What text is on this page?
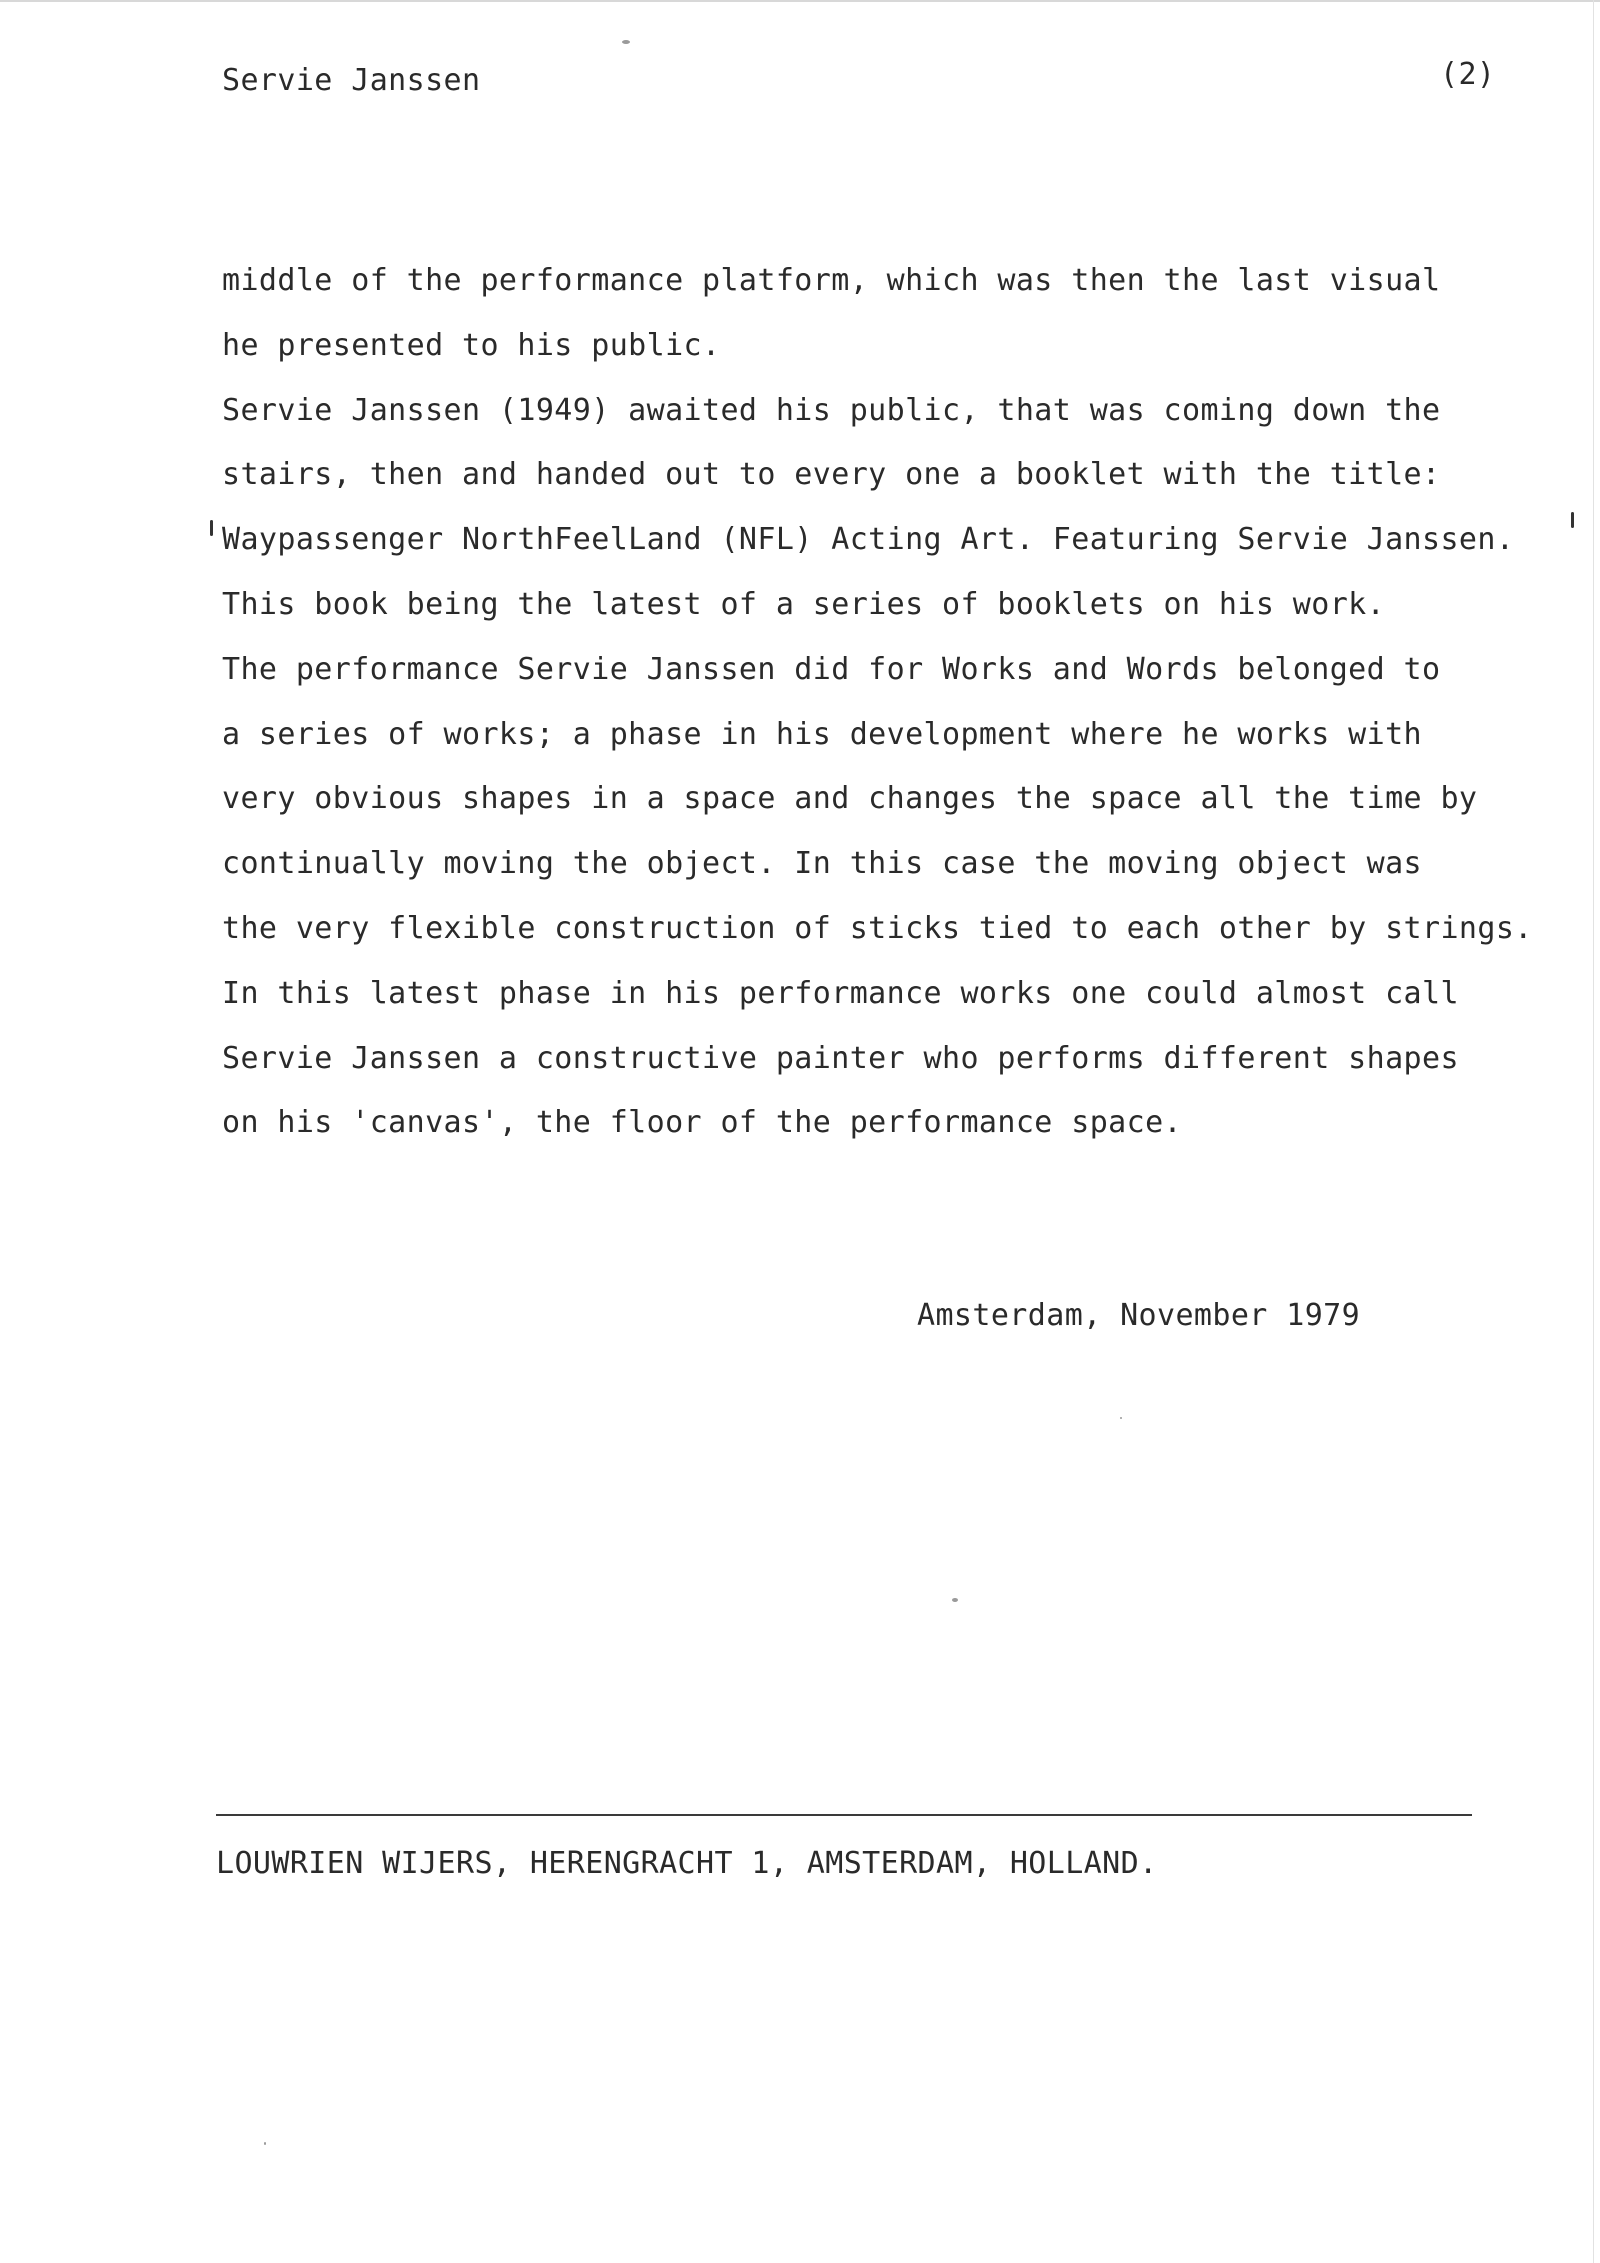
Servie Janssen	(2)
middle of the performance platform, which was then the last visual
he presented to his public.
Servie Janssen (1949) awaited his public, that was coming down the
stairs, then and handed out to every one a booklet with the title:
Waypassenger NorthFeelLand (NFL) Acting Art. Featuring Servie Janssen.
This book being the latest of a series of booklets on his work.
The performance Servie Janssen did for Works and Words belonged to
a series of works; a phase in his development where he works with
very obvious shapes in a space and changes the space all the time by
continually moving the object. In this case the moving object was
the very flexible construction of sticks tied to each other by strings.
In this latest phase in his performance works one could almost call
Servie Janssen a constructive painter who performs different shapes
on his 'canvas', the floor of the performance space.
Amsterdam, November 1979
LOUWRIEN WIJERS, HERENGRACHT 1, AMSTERDAM, HOLLAND.
